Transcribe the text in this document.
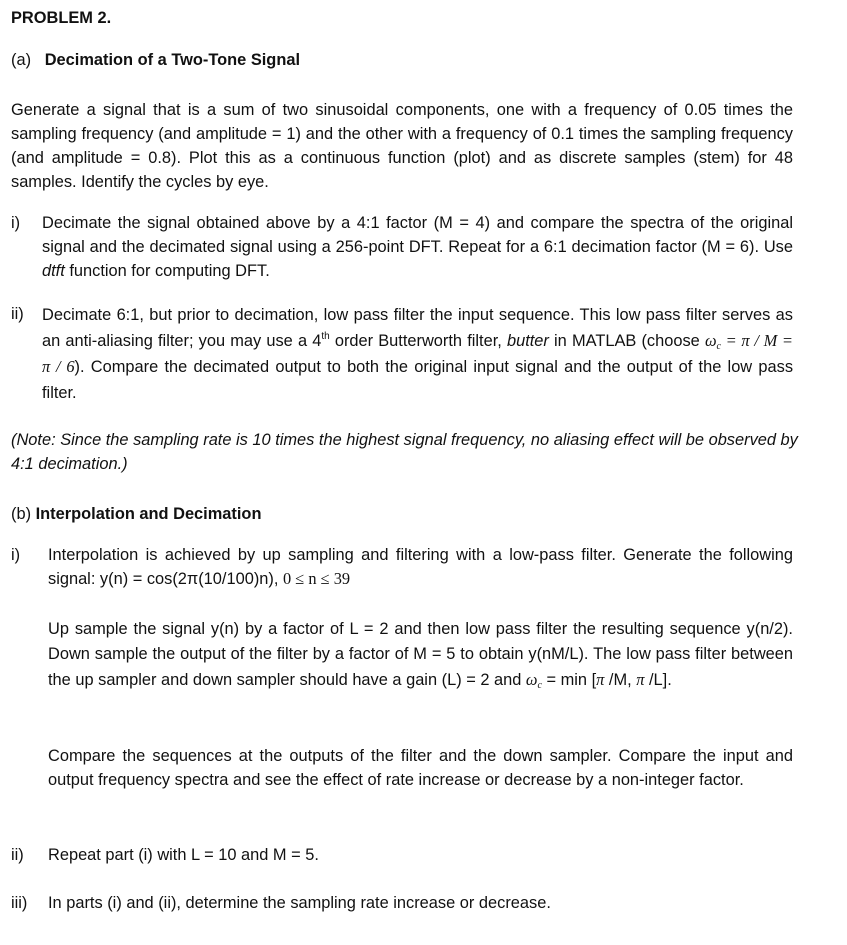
PROBLEM 2.

(a) Decimation of a Two-Tone Signal

Generate a signal that is a sum of two sinusoidal components, one with a frequency of 0.05 times the sampling frequency (and amplitude = 1) and the other with a frequency of 0.1 times the sampling frequency (and amplitude = 0.8). Plot this as a continuous function (plot) and as discrete samples (stem) for 48 samples. Identify the cycles by eye.

i) Decimate the signal obtained above by a 4:1 factor (M = 4) and compare the spectra of the original signal and the decimated signal using a 256-point DFT. Repeat for a 6:1 decimation factor (M = 6). Use dtft function for computing DFT.

ii) Decimate 6:1, but prior to decimation, low pass filter the input sequence. This low pass filter serves as an anti-aliasing filter; you may use a 4th order Butterworth filter, butter in MATLAB (choose $\omega_c = \pi / M = \pi / 6$). Compare the decimated output to both the original input signal and the output of the low pass filter.

(Note: Since the sampling rate is 10 times the highest signal frequency, no aliasing effect will be observed by 4:1 decimation.)

(b) Interpolation and Decimation

i) Interpolation is achieved by up sampling and filtering with a low-pass filter. Generate the following signal: y(n) = cos(2π(10/100)n), 0 ≤ n ≤ 39

Up sample the signal y(n) by a factor of L = 2 and then low pass filter the resulting sequence y(n/2). Down sample the output of the filter by a factor of M = 5 to obtain y(nM/L). The low pass filter between the up sampler and down sampler should have a gain (L) = 2 and $\omega_c = \min [\pi$ /M, π /L].

Compare the sequences at the outputs of the filter and the down sampler. Compare the input and output frequency spectra and see the effect of rate increase or decrease by a non-integer factor.

ii) Repeat part (i) with L = 10 and M = 5.

iii) In parts (i) and (ii), determine the sampling rate increase or decrease.
